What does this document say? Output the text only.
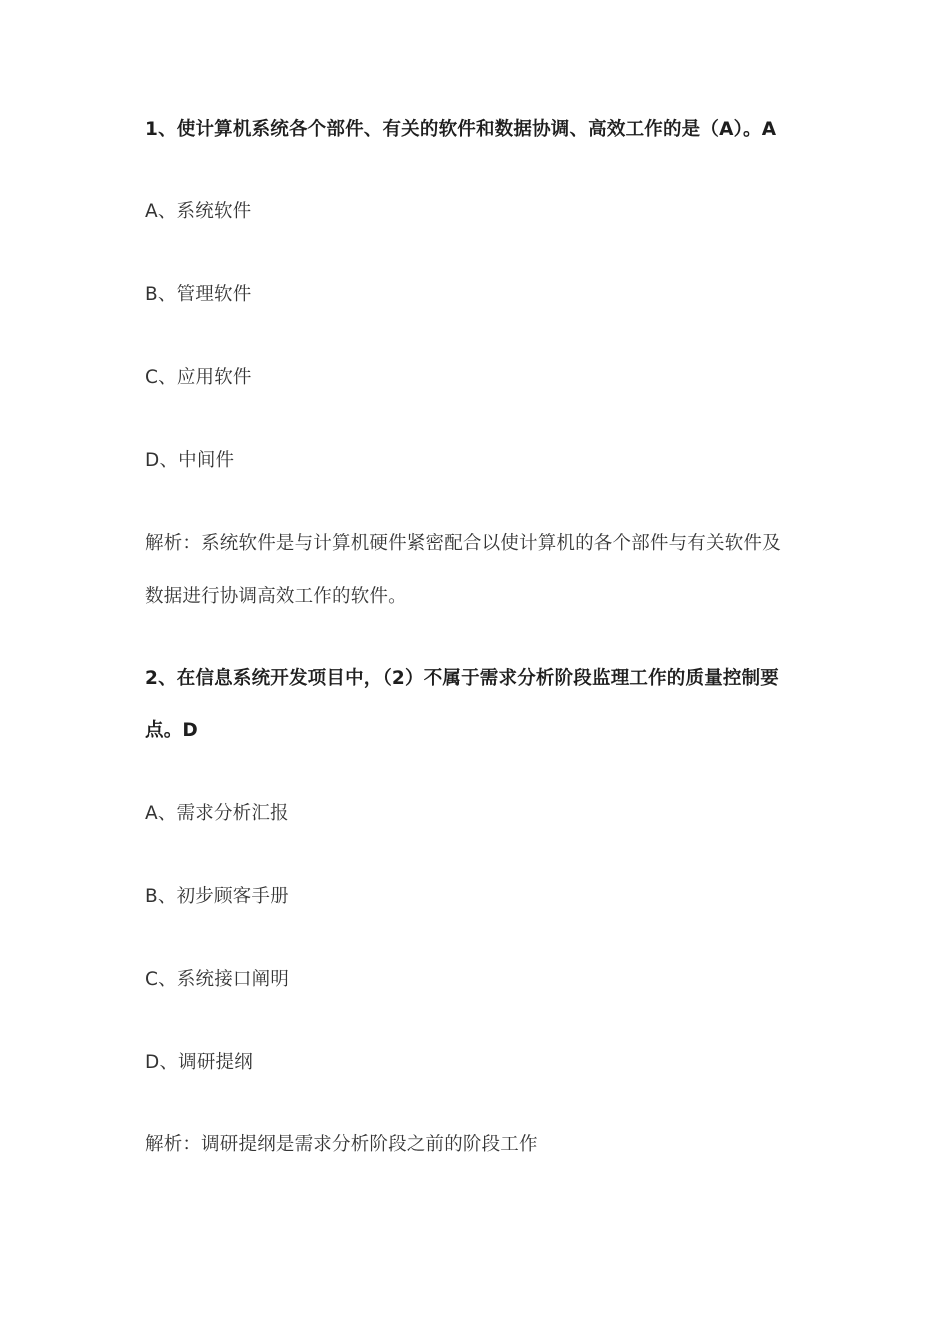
1、使计算机系统各个部件、有关的软件和数据协调、高效工作的是（A）。A
A、系统软件
B、管理软件
C、应用软件
D、中间件
解析：系统软件是与计算机硬件紧密配合以使计算机的各个部件与有关软件及
数据进行协调高效工作的软件。
2、在信息系统开发项目中，（2）不属于需求分析阶段监理工作的质量控制要
点。D
A、需求分析汇报
B、初步顾客手册
C、系统接口阐明
D、调研提纲
解析：调研提纲是需求分析阶段之前的阶段工作
